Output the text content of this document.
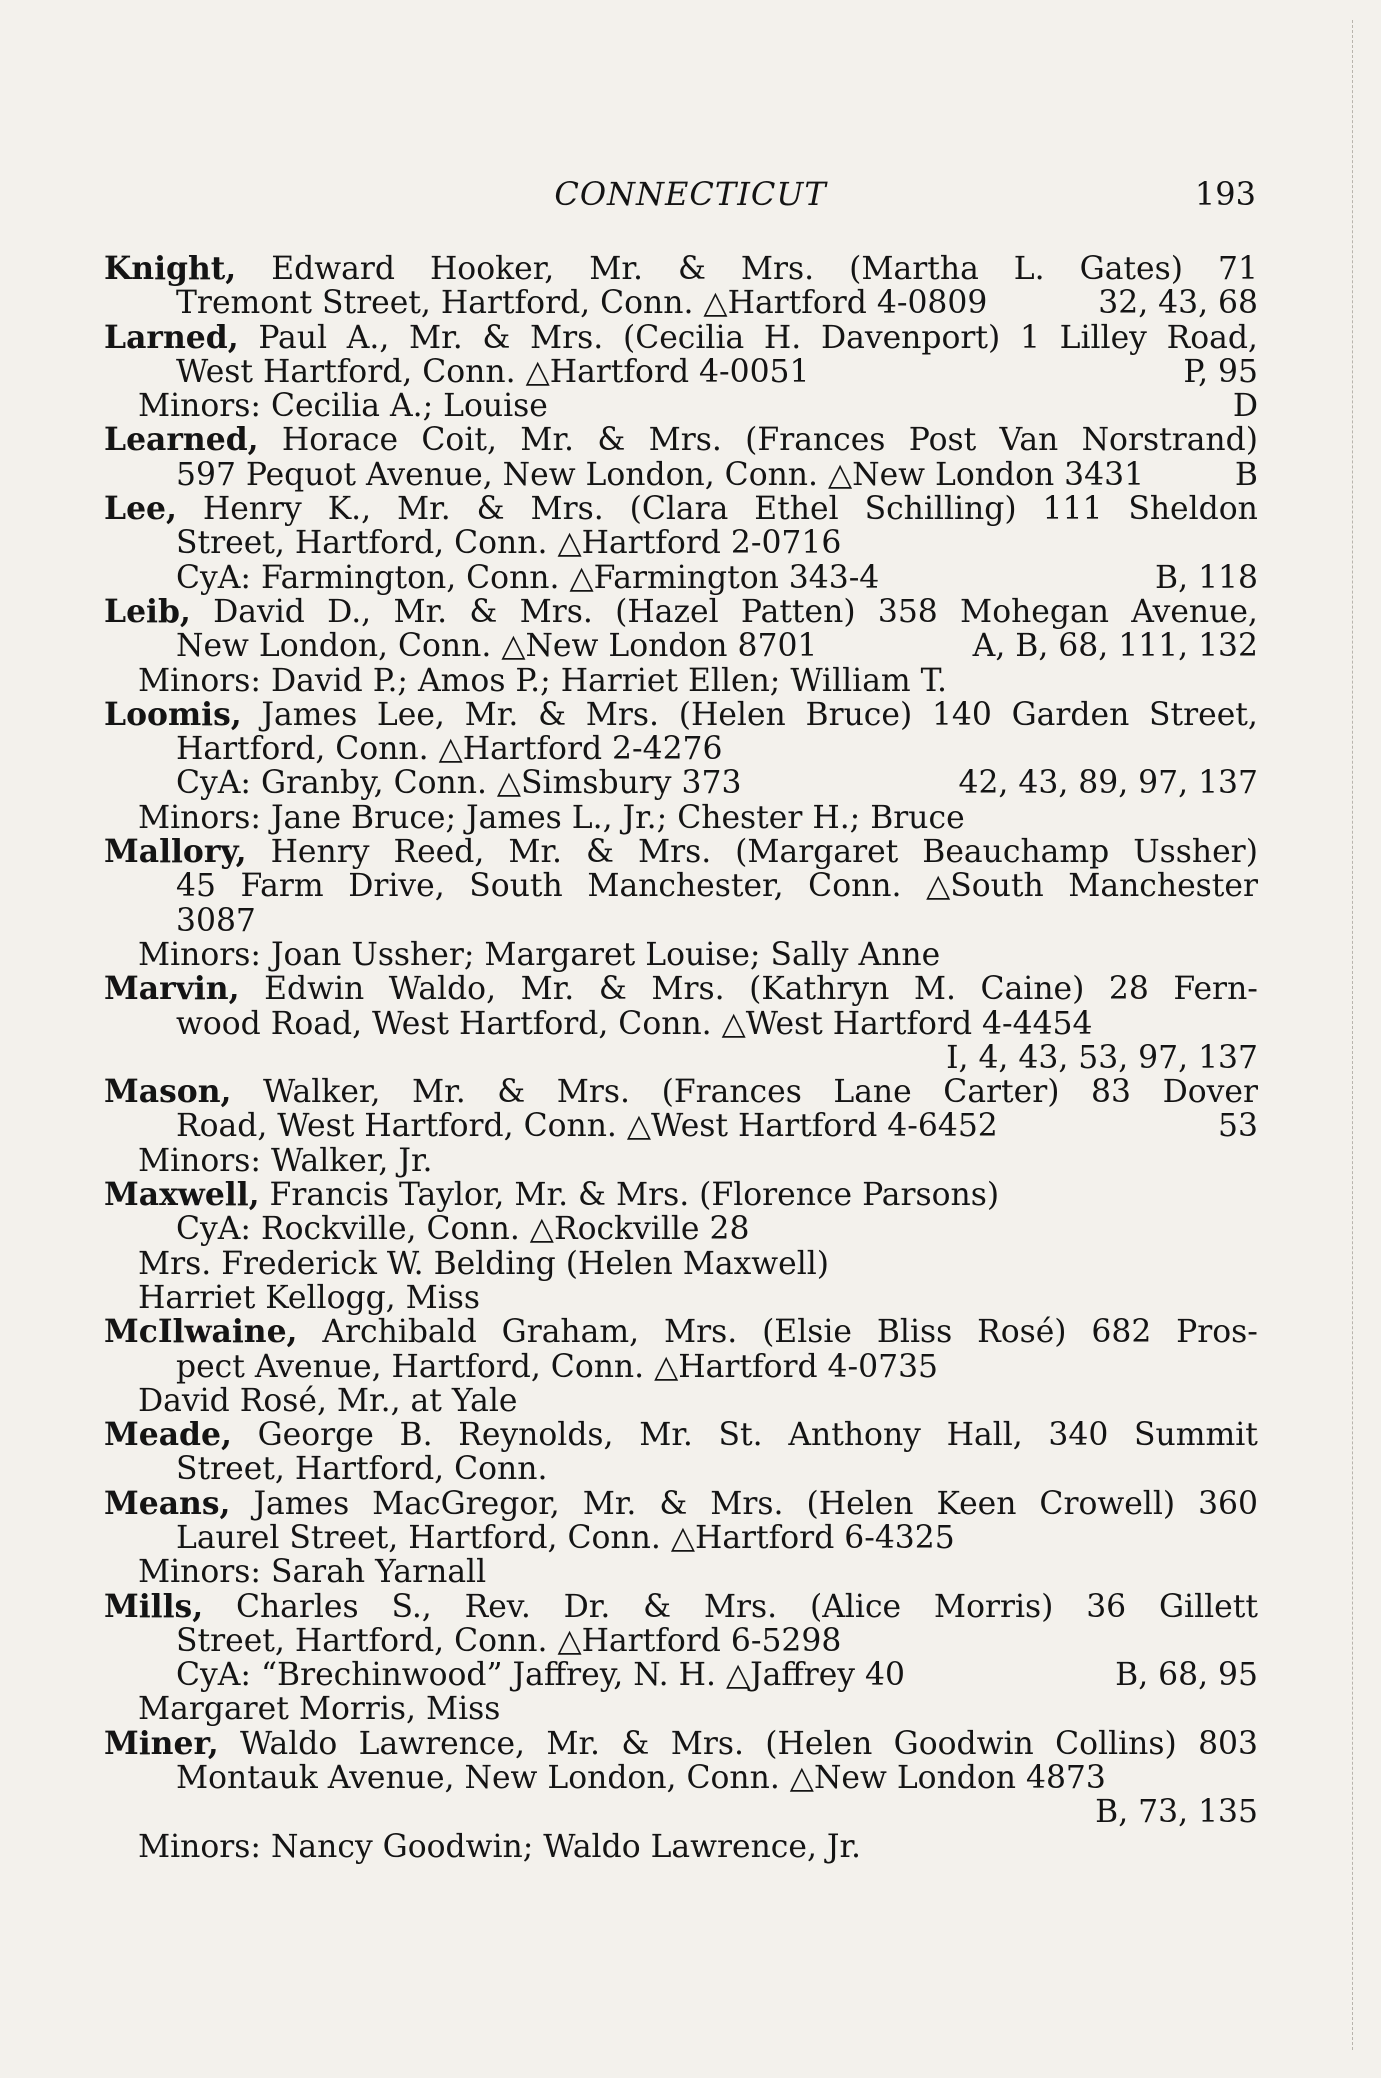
CONNECTICUT	193
Knight, Edward Hooker, Mr. & Mrs. (Martha L. Gates) 71
Tremont Street, Hartford, Conn. △Hartford 4-0809	32, 43, 68
Larned, Paul A., Mr. & Mrs. (Cecilia H. Davenport) 1 Lilley Road,
West Hartford, Conn. △Hartford 4-0051	P, 95
Minors: Cecilia A.; Louise	D
Learned, Horace Coit, Mr. & Mrs. (Frances Post Van Norstrand)
597 Pequot Avenue, New London, Conn. △New London 3431	B
Lee, Henry K., Mr. & Mrs. (Clara Ethel Schilling) 111 Sheldon
Street, Hartford, Conn. △Hartford 2-0716
CyA: Farmington, Conn. △Farmington 343-4	B, 118
Leib, David D., Mr. & Mrs. (Hazel Patten) 358 Mohegan Avenue,
New London, Conn. △New London 8701	A, B, 68, 111, 132
Minors: David P.; Amos P.; Harriet Ellen; William T.
Loomis, James Lee, Mr. & Mrs. (Helen Bruce) 140 Garden Street,
Hartford, Conn. △Hartford 2-4276
CyA: Granby, Conn. △Simsbury 373	42, 43, 89, 97, 137
Minors: Jane Bruce; James L., Jr.; Chester H.; Bruce
Mallory, Henry Reed, Mr. & Mrs. (Margaret Beauchamp Ussher)
45 Farm Drive, South Manchester, Conn. △South Manchester
3087
Minors: Joan Ussher; Margaret Louise; Sally Anne
Marvin, Edwin Waldo, Mr. & Mrs. (Kathryn M. Caine) 28 Fern-
wood Road, West Hartford, Conn. △West Hartford 4-4454
I, 4, 43, 53, 97, 137
Mason, Walker, Mr. & Mrs. (Frances Lane Carter) 83 Dover
Road, West Hartford, Conn. △West Hartford 4-6452	53
Minors: Walker, Jr.
Maxwell, Francis Taylor, Mr. & Mrs. (Florence Parsons)
CyA: Rockville, Conn. △Rockville 28
Mrs. Frederick W. Belding (Helen Maxwell)
Harriet Kellogg, Miss
McIlwaine, Archibald Graham, Mrs. (Elsie Bliss Rosé) 682 Pros-
pect Avenue, Hartford, Conn. △Hartford 4-0735
David Rosé, Mr., at Yale
Meade, George B. Reynolds, Mr. St. Anthony Hall, 340 Summit
Street, Hartford, Conn.
Means, James MacGregor, Mr. & Mrs. (Helen Keen Crowell) 360
Laurel Street, Hartford, Conn. △Hartford 6-4325
Minors: Sarah Yarnall
Mills, Charles S., Rev. Dr. & Mrs. (Alice Morris) 36 Gillett
Street, Hartford, Conn. △Hartford 6-5298
CyA: “Brechinwood” Jaffrey, N. H. △Jaffrey 40	B, 68, 95
Margaret Morris, Miss
Miner, Waldo Lawrence, Mr. & Mrs. (Helen Goodwin Collins) 803
Montauk Avenue, New London, Conn. △New London 4873
B, 73, 135
Minors: Nancy Goodwin; Waldo Lawrence, Jr.
